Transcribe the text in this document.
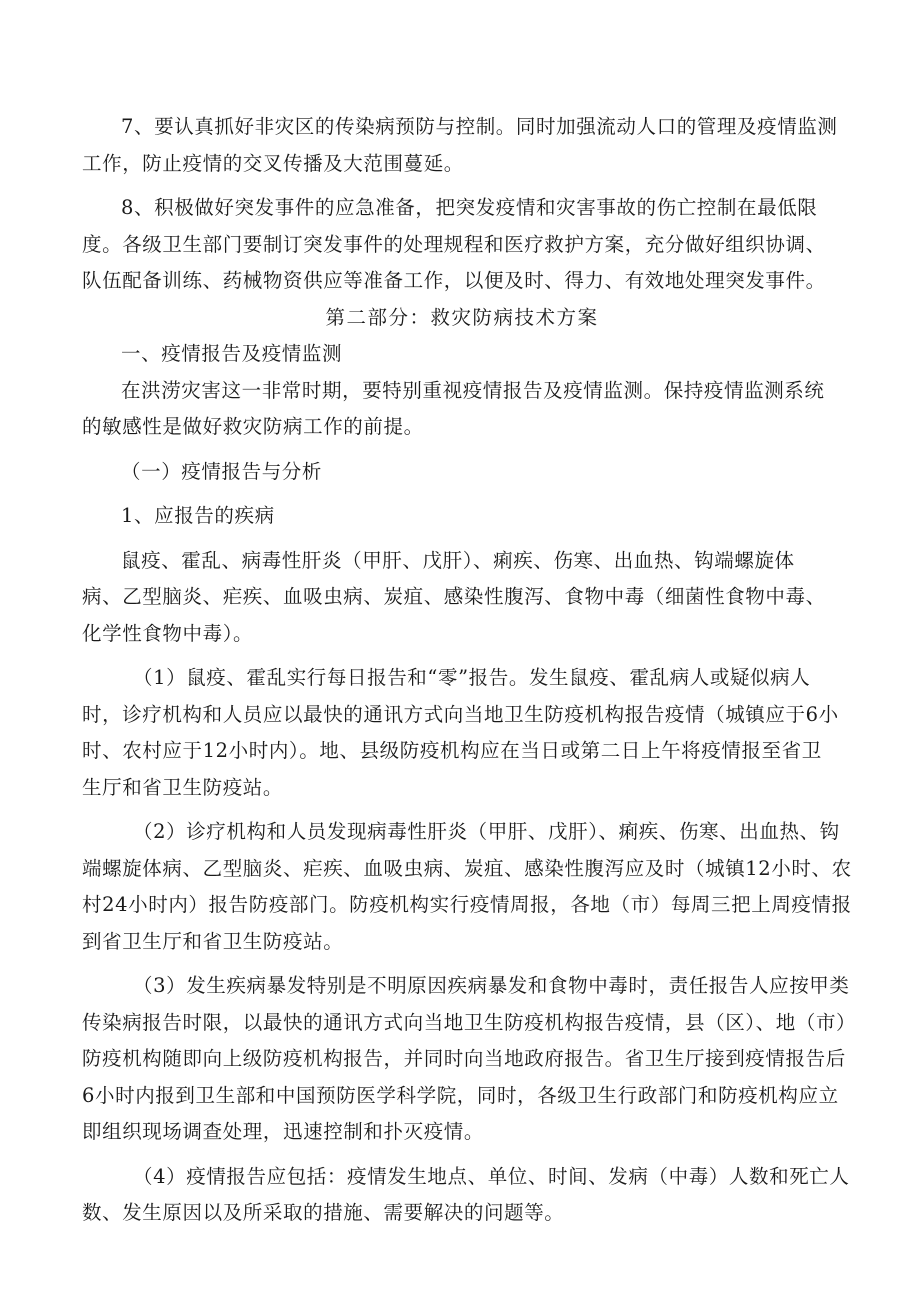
7、要认真抓好非灾区的传染病预防与控制。同时加强流动人口的管理及疫情监测
工作，防止疫情的交叉传播及大范围蔓延。
8、积极做好突发事件的应急准备，把突发疫情和灾害事故的伤亡控制在最低限
度。各级卫生部门要制订突发事件的处理规程和医疗救护方案，充分做好组织协调、
队伍配备训练、药械物资供应等准备工作，以便及时、得力、有效地处理突发事件。
第二部分：救灾防病技术方案
一、疫情报告及疫情监测
在洪涝灾害这一非常时期，要特别重视疫情报告及疫情监测。保持疫情监测系统
的敏感性是做好救灾防病工作的前提。
（一）疫情报告与分析
1、应报告的疾病
鼠疫、霍乱、病毒性肝炎（甲肝、戊肝）、痢疾、伤寒、出血热、钩端螺旋体
病、乙型脑炎、疟疾、血吸虫病、炭疽、感染性腹泻、食物中毒（细菌性食物中毒、
化学性食物中毒）。
（1）鼠疫、霍乱实行每日报告和“零”报告。发生鼠疫、霍乱病人或疑似病人
时，诊疗机构和人员应以最快的通讯方式向当地卫生防疫机构报告疫情（城镇应于6小
时、农村应于12小时内）。地、县级防疫机构应在当日或第二日上午将疫情报至省卫
生厅和省卫生防疫站。
（2）诊疗机构和人员发现病毒性肝炎（甲肝、戊肝）、痢疾、伤寒、出血热、钩
端螺旋体病、乙型脑炎、疟疾、血吸虫病、炭疽、感染性腹泻应及时（城镇12小时、农
村24小时内）报告防疫部门。防疫机构实行疫情周报，各地（市）每周三把上周疫情报
到省卫生厅和省卫生防疫站。
（3）发生疾病暴发特别是不明原因疾病暴发和食物中毒时，责任报告人应按甲类
传染病报告时限，以最快的通讯方式向当地卫生防疫机构报告疫情，县（区）、地（市）
防疫机构随即向上级防疫机构报告，并同时向当地政府报告。省卫生厅接到疫情报告后
6小时内报到卫生部和中国预防医学科学院，同时，各级卫生行政部门和防疫机构应立
即组织现场调查处理，迅速控制和扑灭疫情。
（4）疫情报告应包括：疫情发生地点、单位、时间、发病（中毒）人数和死亡人
数、发生原因以及所采取的措施、需要解决的问题等。
